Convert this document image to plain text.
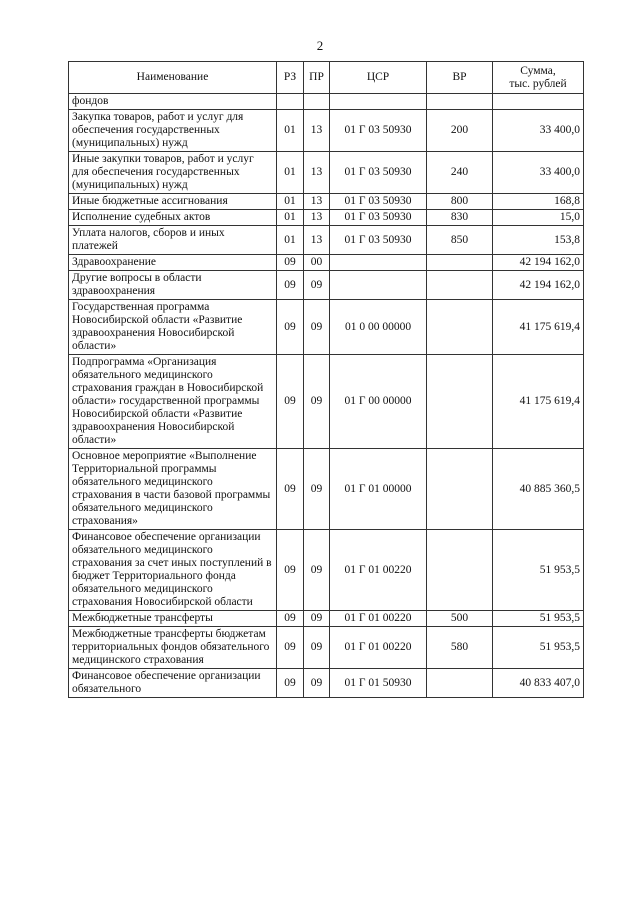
2
Наименование	РЗ	ПР	ЦСР	ВР	Сумма,
тыс. рублей
фондов					
Закупка товаров, работ и услуг для обеспечения государственных (муниципальных) нужд	01	13	01 Г 03 50930	200	33 400,0
Иные закупки товаров, работ и услуг для обеспечения государственных (муниципальных) нужд	01	13	01 Г 03 50930	240	33 400,0
Иные бюджетные ассигнования	01	13	01 Г 03 50930	800	168,8
Исполнение судебных актов	01	13	01 Г 03 50930	830	15,0
Уплата налогов, сборов и иных платежей	01	13	01 Г 03 50930	850	153,8
Здравоохранение	09	00			42 194 162,0
Другие вопросы в области здравоохранения	09	09			42 194 162,0
Государственная программа Новосибирской области «Развитие здравоохранения Новосибирской области»	09	09	01 0 00 00000		41 175 619,4
Подпрограмма «Организация обязательного медицинского страхования граждан в Новосибирской области» государственной программы Новосибирской области «Развитие здравоохранения Новосибирской области»	09	09	01 Г 00 00000		41 175 619,4
Основное мероприятие «Выполнение Территориальной программы обязательного медицинского страхования в части базовой программы обязательного медицинского страхования»	09	09	01 Г 01 00000		40 885 360,5
Финансовое обеспечение организации обязательного медицинского страхования за счет иных поступлений в бюджет Территориального фонда обязательного медицинского страхования Новосибирской области	09	09	01 Г 01 00220		51 953,5
Межбюджетные трансферты	09	09	01 Г 01 00220	500	51 953,5
Межбюджетные трансферты бюджетам территориальных фондов обязательного медицинского страхования	09	09	01 Г 01 00220	580	51 953,5
Финансовое обеспечение организации обязательного	09	09	01 Г 01 50930		40 833 407,0
